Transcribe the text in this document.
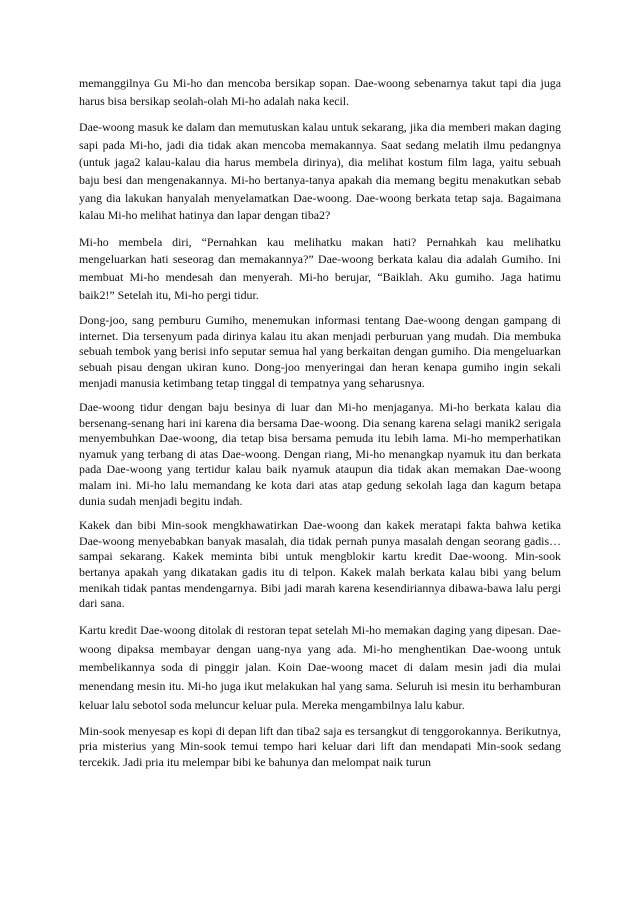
memanggilnya Gu Mi-ho dan mencoba bersikap sopan. Dae-woong sebenarnya takut tapi dia juga harus bisa bersikap seolah-olah Mi-ho adalah naka kecil.

Dae-woong masuk ke dalam dan memutuskan kalau untuk sekarang, jika dia memberi makan daging sapi pada Mi-ho, jadi dia tidak akan mencoba memakannya. Saat sedang melatih ilmu pedangnya (untuk jaga2 kalau-kalau dia harus membela dirinya), dia melihat kostum film laga, yaitu sebuah baju besi dan mengenakannya. Mi-ho bertanya-tanya apakah dia memang begitu menakutkan sebab yang dia lakukan hanyalah menyelamatkan Dae-woong. Dae-woong berkata tetap saja. Bagaimana kalau Mi-ho melihat hatinya dan lapar dengan tiba2?

Mi-ho membela diri, “Pernahkan kau melihatku makan hati? Pernahkah kau melihatku mengeluarkan hati seseorag dan memakannya?” Dae-woong berkata kalau dia adalah Gumiho. Ini membuat Mi-ho mendesah dan menyerah. Mi-ho berujar, “Baiklah. Aku gumiho. Jaga hatimu baik2!” Setelah itu, Mi-ho pergi tidur.

Dong-joo, sang pemburu Gumiho, menemukan informasi tentang Dae-woong dengan gampang di internet. Dia tersenyum pada dirinya kalau itu akan menjadi perburuan yang mudah. Dia membuka sebuah tembok yang berisi info seputar semua hal yang berkaitan dengan gumiho. Dia mengeluarkan sebuah pisau dengan ukiran kuno. Dong-joo menyeringai dan heran kenapa gumiho ingin sekali menjadi manusia ketimbang tetap tinggal di tempatnya yang seharusnya.

Dae-woong tidur dengan baju besinya di luar dan Mi-ho menjaganya. Mi-ho berkata kalau dia bersenang-senang hari ini karena dia bersama Dae-woong. Dia senang karena selagi manik2 serigala menyembuhkan Dae-woong, dia tetap bisa bersama pemuda itu lebih lama. Mi-ho memperhatikan nyamuk yang terbang di atas Dae-woong. Dengan riang, Mi-ho menangkap nyamuk itu dan berkata pada Dae-woong yang tertidur kalau baik nyamuk ataupun dia tidak akan memakan Dae-woong malam ini. Mi-ho lalu memandang ke kota dari atas atap gedung sekolah laga dan kagum betapa dunia sudah menjadi begitu indah.

Kakek dan bibi Min-sook mengkhawatirkan Dae-woong dan kakek meratapi fakta bahwa ketika Dae-woong menyebabkan banyak masalah, dia tidak pernah punya masalah dengan seorang gadis… sampai sekarang. Kakek meminta bibi untuk mengblokir kartu kredit Dae-woong. Min-sook bertanya apakah yang dikatakan gadis itu di telpon. Kakek malah berkata kalau bibi yang belum menikah tidak pantas mendengarnya. Bibi jadi marah karena kesendiriannya dibawa-bawa lalu pergi dari sana.

Kartu kredit Dae-woong ditolak di restoran tepat setelah Mi-ho memakan daging yang dipesan. Dae-woong dipaksa membayar dengan uang-nya yang ada. Mi-ho menghentikan Dae-woong untuk membelikannya soda di pinggir jalan. Koin Dae-woong macet di dalam mesin jadi dia mulai menendang mesin itu. Mi-ho juga ikut melakukan hal yang sama. Seluruh isi mesin itu berhamburan keluar lalu sebotol soda meluncur keluar pula. Mereka mengambilnya lalu kabur.

Min-sook menyesap es kopi di depan lift dan tiba2 saja es tersangkut di tenggorokannya. Berikutnya, pria misterius yang Min-sook temui tempo hari keluar dari lift dan mendapati Min-sook sedang tercekik. Jadi pria itu melempar bibi ke bahunya dan melompat naik turun
